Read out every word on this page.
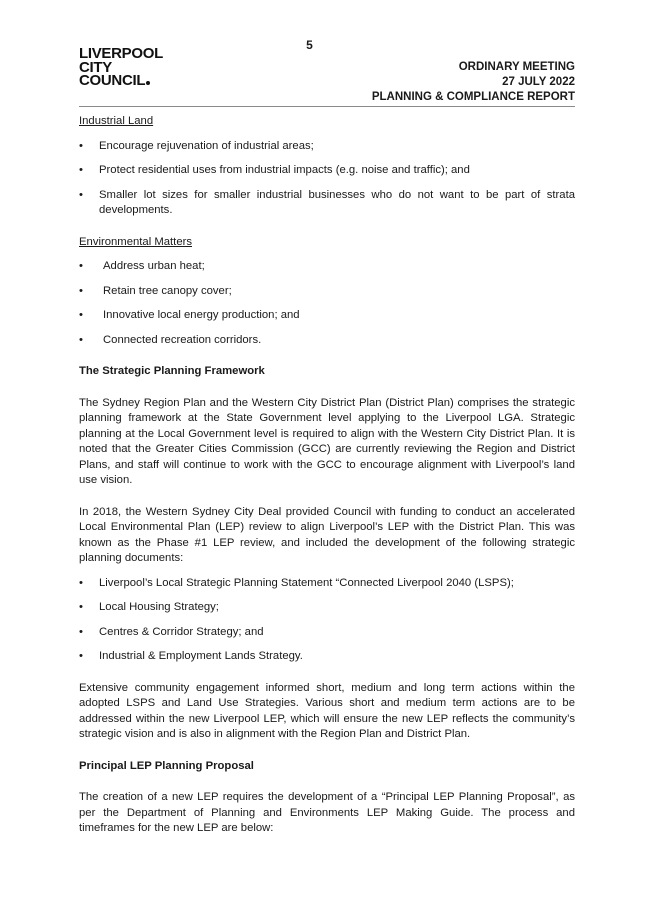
5
LIVERPOOL
CITY
COUNCIL
ORDINARY MEETING
27 JULY 2022
PLANNING & COMPLIANCE REPORT
Industrial Land
• Encourage rejuvenation of industrial areas;
• Protect residential uses from industrial impacts (e.g. noise and traffic); and
• Smaller lot sizes for smaller industrial businesses who do not want to be part of strata developments.
Environmental Matters
• Address urban heat;
• Retain tree canopy cover;
• Innovative local energy production; and
• Connected recreation corridors.
The Strategic Planning Framework

The Sydney Region Plan and the Western City District Plan (District Plan) comprises the strategic planning framework at the State Government level applying to the Liverpool LGA. Strategic planning at the Local Government level is required to align with the Western City District Plan. It is noted that the Greater Cities Commission (GCC) are currently reviewing the Region and District Plans, and staff will continue to work with the GCC to encourage alignment with Liverpool’s land use vision.

In 2018, the Western Sydney City Deal provided Council with funding to conduct an accelerated Local Environmental Plan (LEP) review to align Liverpool’s LEP with the District Plan. This was known as the Phase #1 LEP review, and included the development of the following strategic planning documents:

• Liverpool’s Local Strategic Planning Statement “Connected Liverpool 2040 (LSPS);
• Local Housing Strategy;
• Centres & Corridor Strategy; and
• Industrial & Employment Lands Strategy.

Extensive community engagement informed short, medium and long term actions within the adopted LSPS and Land Use Strategies. Various short and medium term actions are to be addressed within the new Liverpool LEP, which will ensure the new LEP reflects the community’s strategic vision and is also in alignment with the Region Plan and District Plan.

Principal LEP Planning Proposal

The creation of a new LEP requires the development of a “Principal LEP Planning Proposal”, as per the Department of Planning and Environments LEP Making Guide. The process and timeframes for the new LEP are below:
